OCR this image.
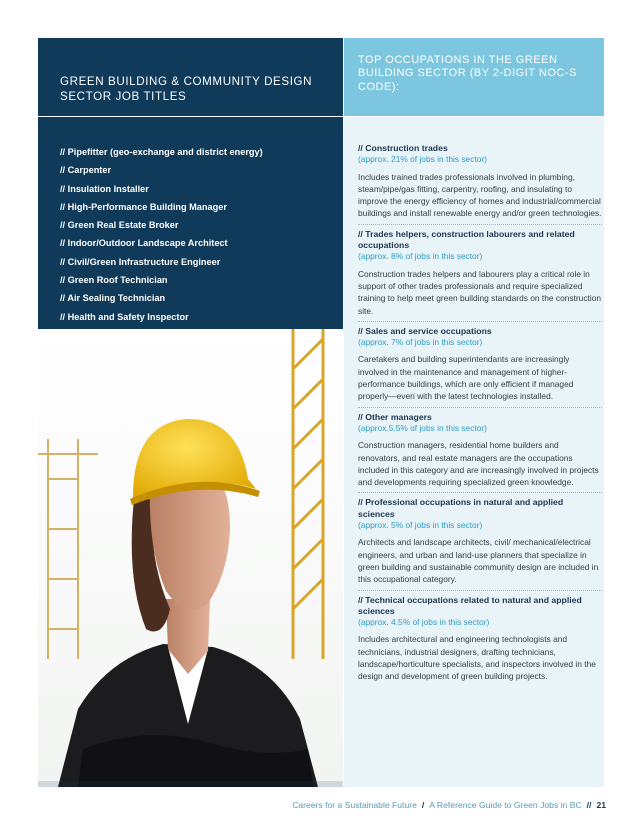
GREEN BUILDING & COMMUNITY DESIGN SECTOR JOB TITLES
// Pipefitter (geo-exchange and district energy)
// Carpenter
// Insulation Installer
// High-Performance Building Manager
// Green Real Estate Broker
// Indoor/Outdoor Landscape Architect
// Civil/Green Infrastructure Engineer
// Green Roof Technician
// Air Sealing Technician
// Health and Safety Inspector
TOP OCCUPATIONS IN THE GREEN BUILDING SECTOR (BY 2-DIGIT NOC-S CODE):
// Construction trades
(approx. 21% of jobs in this sector)
Includes trained trades professionals involved in plumbing, steam/pipe/gas fitting, carpentry, roofing, and insulating to improve the energy efficiency of homes and industrial/commercial buildings and install renewable energy and/or green technologies.
// Trades helpers, construction labourers and related occupations
(approx. 8% of jobs in this sector)
Construction trades helpers and labourers play a critical role in support of other trades professionals and require specialized training to help meet green building standards on the construction site.
// Sales and service occupations
(approx. 7% of jobs in this sector)
Caretakers and building superintendants are increasingly involved in the maintenance and management of higher-performance buildings, which are only efficient if managed properly—even with the latest technologies installed.
// Other managers
(approx.5.5% of jobs in this sector)
Construction managers, residential home builders and renovators, and real estate managers are the occupations included in this category and are increasingly involved in projects and developments requiring specialized green knowledge.
// Professional occupations in natural and applied sciences
(approx. 5% of jobs in this sector)
Architects and landscape architects, civil/ mechanical/electrical engineers, and urban and land-use planners that specialize in green building and sustainable community design are included in this occupational category.
// Technical occupations related to natural and applied sciences
(approx. 4.5% of jobs in this sector)
Includes architectural and engineering technologists and technicians, industrial designers, drafting technicians, landscape/horticulture specialists, and inspectors involved in the design and development of green building projects.
Careers for a Sustainable Future / A Reference Guide to Green Jobs in BC // 21
